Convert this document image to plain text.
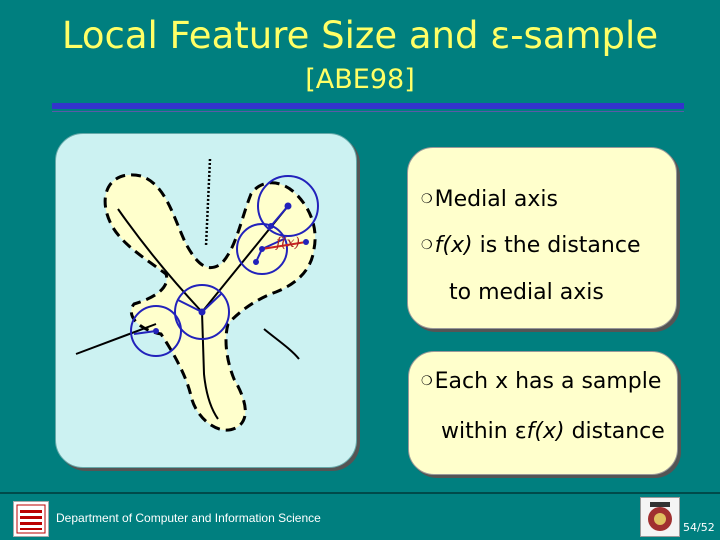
Local Feature Size and ε-sample
[ABE98]
f(x)
❍Medial axis
❍f(x) is the distance
to medial axis
❍Each x has a sample
within εf(x) distance
Department of Computer and Information Science
54/52
